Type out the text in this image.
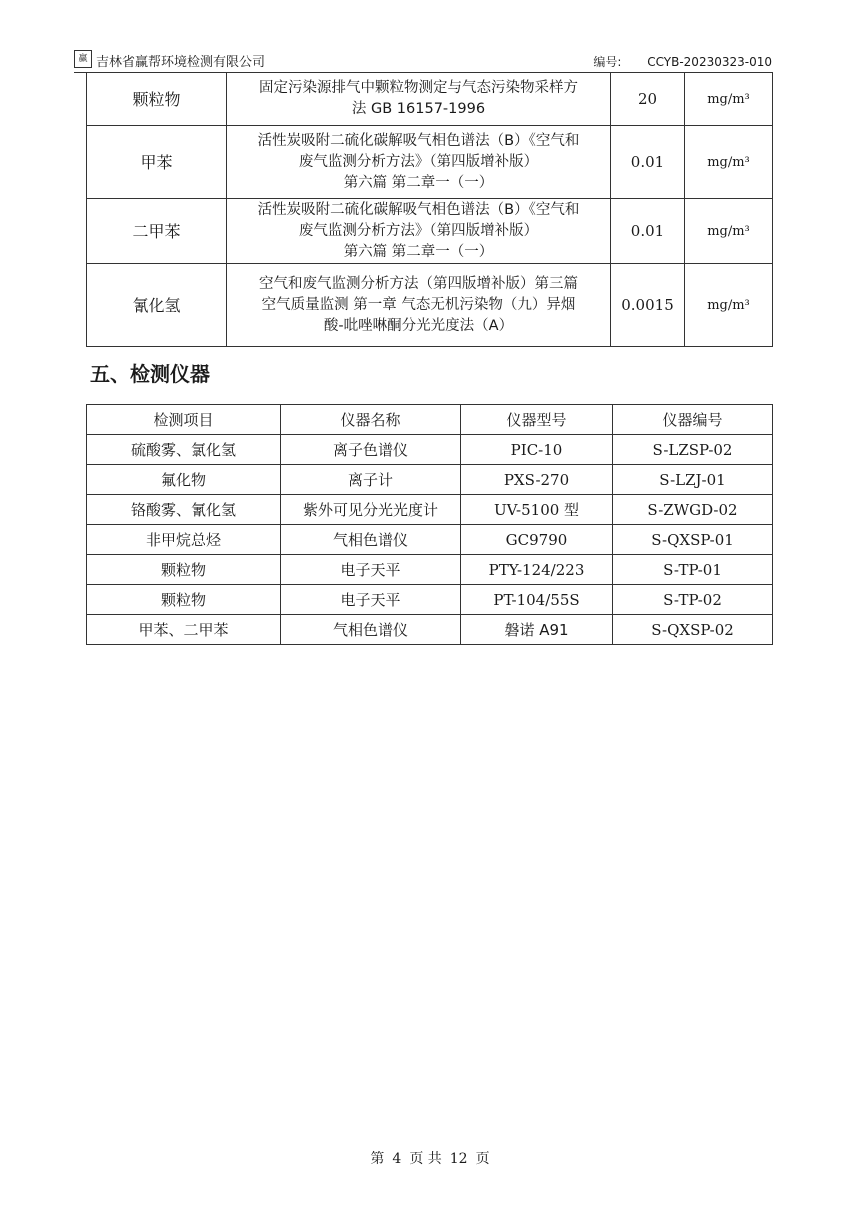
赢 吉林省赢帮环境检测有限公司	编号: CCYB-20230323-010
颗粒物	固定污染源排气中颗粒物测定与气态污染物采样方
法 GB 16157-1996	20	mg/m³
甲苯	活性炭吸附二硫化碳解吸气相色谱法（B）《空气和
废气监测分析方法》（第四版增补版）
第六篇 第二章一（一）	0.01	mg/m³
二甲苯	活性炭吸附二硫化碳解吸气相色谱法（B）《空气和
废气监测分析方法》（第四版增补版）
第六篇 第二章一（一）	0.01	mg/m³
氰化氢	空气和废气监测分析方法（第四版增补版）第三篇
空气质量监测 第一章 气态无机污染物（九）异烟
酸-吡唑啉酮分光光度法（A）	0.0015	mg/m³
五、检测仪器
检测项目	仪器名称	仪器型号	仪器编号
硫酸雾、氯化氢	离子色谱仪	PIC-10	S-LZSP-02
氟化物	离子计	PXS-270	S-LZJ-01
铬酸雾、氰化氢	紫外可见分光光度计	UV-5100 型	S-ZWGD-02
非甲烷总烃	气相色谱仪	GC9790	S-QXSP-01
颗粒物	电子天平	PTY-124/223	S-TP-01
颗粒物	电子天平	PT-104/55S	S-TP-02
甲苯、二甲苯	气相色谱仪	磐诺 A91	S-QXSP-02
第 4 页 共 12 页
